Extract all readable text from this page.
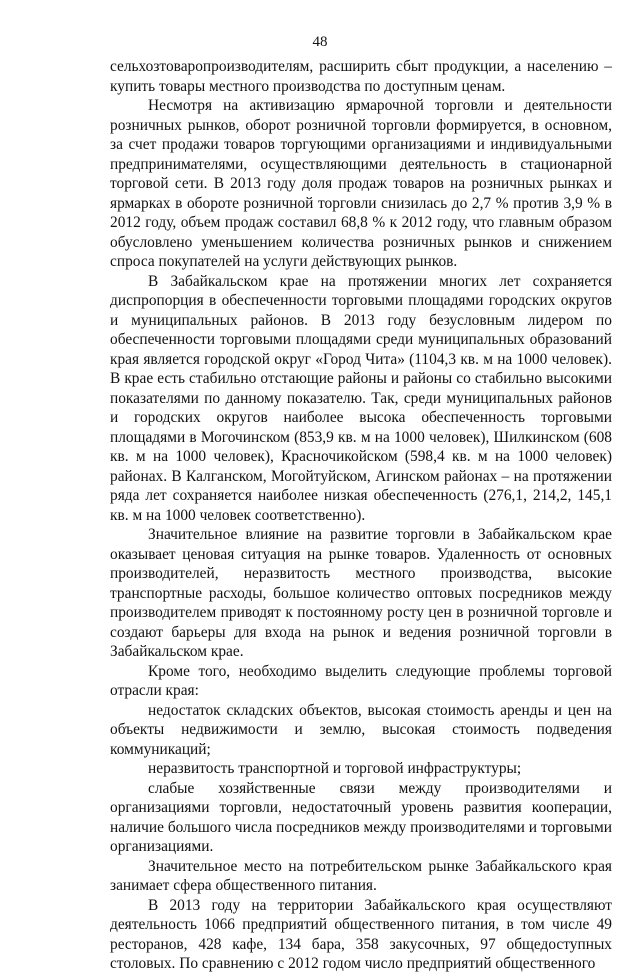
48

сельхозтоваропроизводителям, расширить сбыт продукции, а населению – купить товары местного производства по доступным ценам.

Несмотря на активизацию ярмарочной торговли и деятельности розничных рынков, оборот розничной торговли формируется, в основном, за счет продажи товаров торгующими организациями и индивидуальными предпринимателями, осуществляющими деятельность в стационарной торговой сети. В 2013 году доля продаж товаров на розничных рынках и ярмарках в обороте розничной торговли снизилась до 2,7 % против 3,9 % в 2012 году, объем продаж составил 68,8 % к 2012 году, что главным образом обусловлено уменьшением количества розничных рынков и снижением спроса покупателей на услуги действующих рынков.

В Забайкальском крае на протяжении многих лет сохраняется диспропорция в обеспеченности торговыми площадями городских округов и муниципальных районов. В 2013 году безусловным лидером по обеспеченности торговыми площадями среди муниципальных образований края является городской округ «Город Чита» (1104,3 кв. м на 1000 человек). В крае есть стабильно отстающие районы и районы со стабильно высокими показателями по данному показателю. Так, среди муниципальных районов и городских округов наиболее высока обеспеченность торговыми площадями в Могочинском (853,9 кв. м на 1000 человек), Шилкинском (608 кв. м на 1000 человек), Красночикойском (598,4 кв. м на 1000 человек) районах. В Калганском, Могойтуйском, Агинском районах – на протяжении ряда лет сохраняется наиболее низкая обеспеченность (276,1, 214,2, 145,1 кв. м на 1000 человек соответственно).

Значительное влияние на развитие торговли в Забайкальском крае оказывает ценовая ситуация на рынке товаров. Удаленность от основных производителей, неразвитость местного производства, высокие транспортные расходы, большое количество оптовых посредников между производителем приводят к постоянному росту цен в розничной торговле и создают барьеры для входа на рынок и ведения розничной торговли в Забайкальском крае.

Кроме того, необходимо выделить следующие проблемы торговой отрасли края:

недостаток складских объектов, высокая стоимость аренды и цен на объекты недвижимости и землю, высокая стоимость подведения коммуникаций;

неразвитость транспортной и торговой инфраструктуры;

слабые хозяйственные связи между производителями и организациями торговли, недостаточный уровень развития кооперации, наличие большого числа посредников между производителями и торговыми организациями.

Значительное место на потребительском рынке Забайкальского края занимает сфера общественного питания.

В 2013 году на территории Забайкальского края осуществляют деятельность 1066 предприятий общественного питания, в том числе 49 ресторанов, 428 кафе, 134 бара, 358 закусочных, 97 общедоступных столовых. По сравнению с 2012 годом число предприятий общественного
